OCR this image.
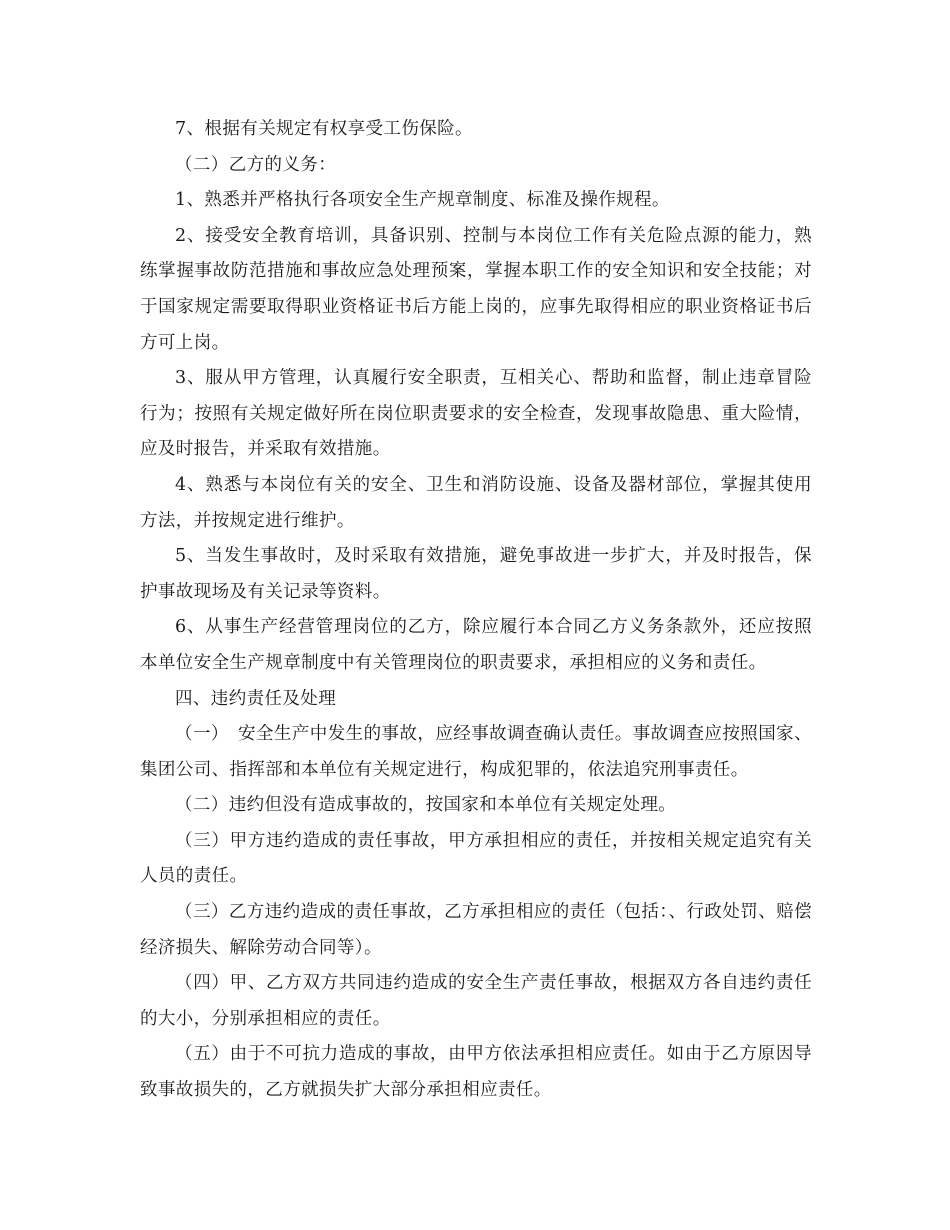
7、根据有关规定有权享受工伤保险。

（二）乙方的义务：

1、熟悉并严格执行各项安全生产规章制度、标准及操作规程。

2、接受安全教育培训，具备识别、控制与本岗位工作有关危险点源的能力，熟练掌握事故防范措施和事故应急处理预案，掌握本职工作的安全知识和安全技能；对于国家规定需要取得职业资格证书后方能上岗的，应事先取得相应的职业资格证书后方可上岗。

3、服从甲方管理，认真履行安全职责，互相关心、帮助和监督，制止违章冒险行为；按照有关规定做好所在岗位职责要求的安全检查，发现事故隐患、重大险情，应及时报告，并采取有效措施。

4、熟悉与本岗位有关的安全、卫生和消防设施、设备及器材部位，掌握其使用方法，并按规定进行维护。

5、当发生事故时，及时采取有效措施，避免事故进一步扩大，并及时报告，保护事故现场及有关记录等资料。

6、从事生产经营管理岗位的乙方，除应履行本合同乙方义务条款外，还应按照本单位安全生产规章制度中有关管理岗位的职责要求，承担相应的义务和责任。

四、违约责任及处理

（一）　安全生产中发生的事故，应经事故调查确认责任。事故调查应按照国家、集团公司、指挥部和本单位有关规定进行，构成犯罪的，依法追究刑事责任。

（二）违约但没有造成事故的，按国家和本单位有关规定处理。

（三）甲方违约造成的责任事故，甲方承担相应的责任，并按相关规定追究有关人员的责任。

（三）乙方违约造成的责任事故，乙方承担相应的责任（包括：、行政处罚、赔偿经济损失、解除劳动合同等）。

（四）甲、乙方双方共同违约造成的安全生产责任事故，根据双方各自违约责任的大小，分别承担相应的责任。

（五）由于不可抗力造成的事故，由甲方依法承担相应责任。如由于乙方原因导致事故损失的，乙方就损失扩大部分承担相应责任。
